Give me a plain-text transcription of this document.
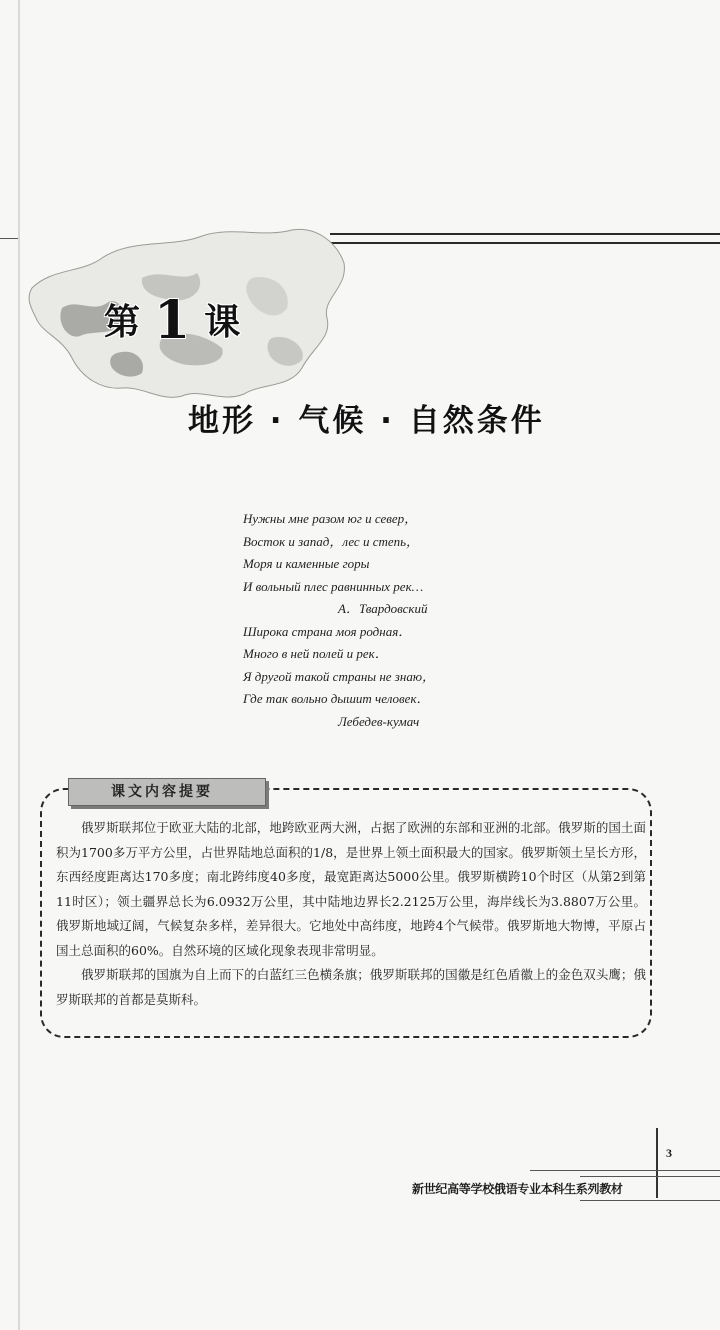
第 1 课
地形 · 气候 · 自然条件
Нужны мне разом юг и север，
Восток и запад，лес и степь，
Моря и каменные горы
И вольный плес равнинных рек…
А．Твардовский
Широка страна моя родная．
Много в ней полей и рек．
Я другой такой страны не знаю，
Где так вольно дышит человек．
Лебедев-кумач
课文内容提要

俄罗斯联邦位于欧亚大陆的北部，地跨欧亚两大洲，占据了欧洲的东部和亚洲的北部。俄罗斯的国土面积为1700多万平方公里，占世界陆地总面积的1/8，是世界上领土面积最大的国家。俄罗斯领土呈长方形，东西经度距离达170多度；南北跨纬度40多度，最宽距离达5000公里。俄罗斯横跨10个时区（从第2到第11时区）；领土疆界总长为6.0932万公里，其中陆地边界长2.2125万公里，海岸线长为3.8807万公里。俄罗斯地域辽阔，气候复杂多样，差异很大。它地处中高纬度，地跨4个气候带。俄罗斯地大物博，平原占国土总面积的60%。自然环境的区域化现象表现非常明显。

俄罗斯联邦的国旗为自上而下的白蓝红三色横条旗；俄罗斯联邦的国徽是红色盾徽上的金色双头鹰；俄罗斯联邦的首都是莫斯科。

3
新世纪高等学校俄语专业本科生系列教材
